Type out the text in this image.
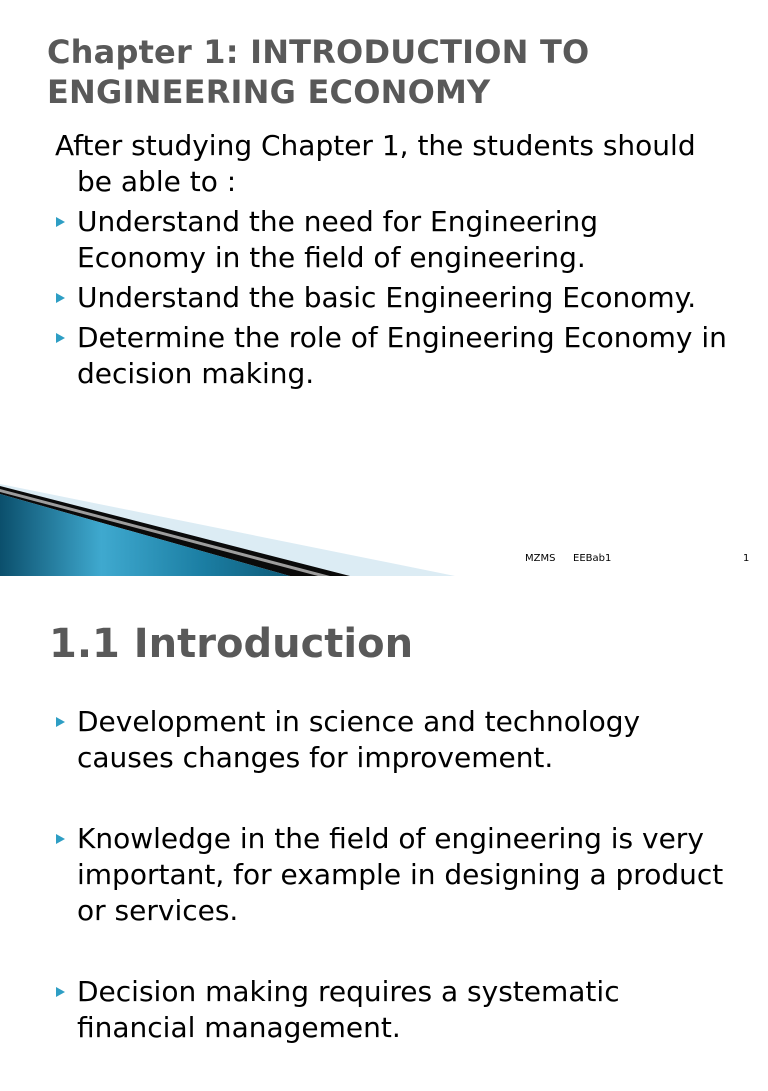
Chapter 1: INTRODUCTION TO ENGINEERING ECONOMY

After studying Chapter 1, the students should be able to :

Understand the need for Engineering Economy in the field of engineering.
Understand the basic Engineering Economy.
Determine the role of Engineering Economy in decision making.
MZMS EEBab1	1
1.1 Introduction
Development in science and technology causes changes for improvement.
Knowledge in the field of engineering is very important, for example in designing a product or services.
Decision making requires a systematic financial management.
